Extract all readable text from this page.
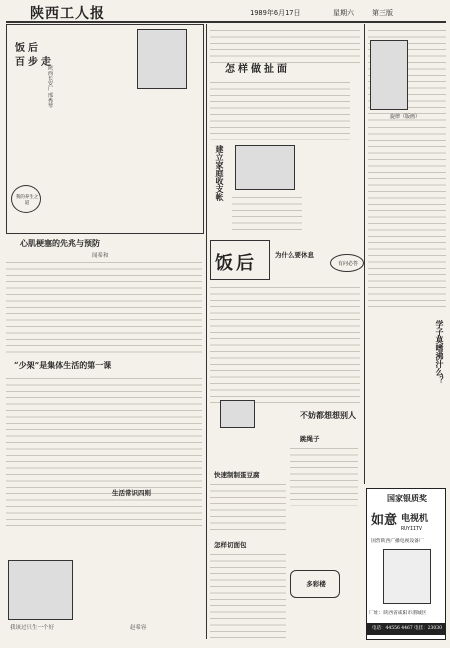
陕西工人报	1989年6月17日	星期六	第三版
饭后
百步走
陕西长安厂 邢秀琴
我的养生之道
心肌梗塞的先兆与预防
闻希和
“少架”是集体生活的第一课
生活常识四则
我该过只生一个好	赵希容
怎样做扯面
建立家庭收支帐
饭后	为什么要休息
有问必答
跳绳子
快速制制蛋豆腐
怎样切面包
多彩楼
不妨都想想别人
旋律（版画）
学子莫嗜沸汁么？
国家银质奖
如意 电视机
RUYIITV
国营陕西广播电视设备厂
厂址：陕西省咸阳市渭城区
电话：44556 4467 电挂：23030
